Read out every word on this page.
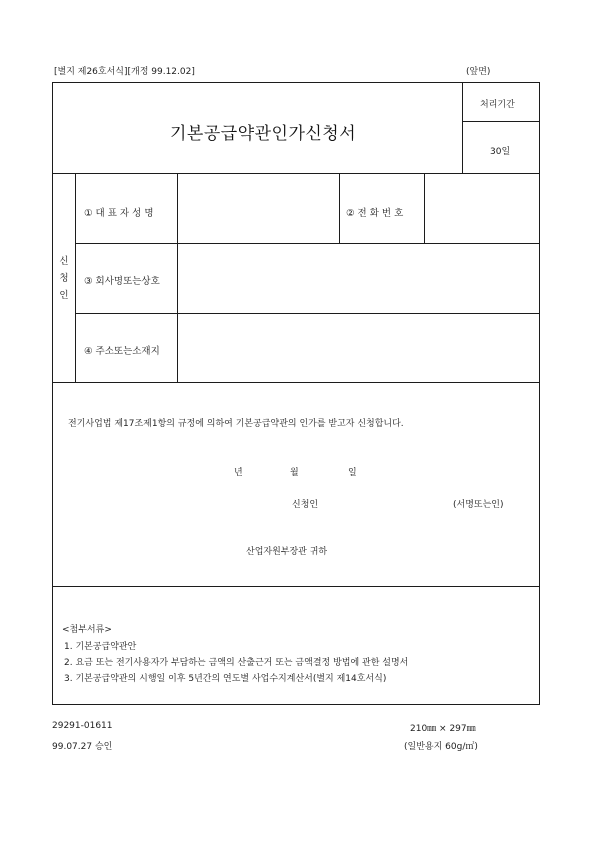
[별지 제26호서식][개정 99.12.02]	(앞면)
기본공급약관인가신청서
처리기간
30일
신
청
인
① 대 표 자 성 명	② 전 화 번 호
③ 회사명또는상호
④ 주소또는소재지
전기사업법 제17조제1항의 규정에 의하여 기본공급약관의 인가를 받고자 신청합니다.
년	월	일
신청인	(서명또는인)
산업자원부장관 귀하
<첨부서류>
1. 기본공급약관안
2. 요금 또는 전기사용자가 부담하는 금액의 산출근거 또는 금액결정 방법에 관한 설명서
3. 기본공급약관의 시행일 이후 5년간의 연도별 사업수지계산서(별지 제14호서식)
29291-01611
99.07.27 승인
210㎜ × 297㎜
(일반용지 60g/㎡)
